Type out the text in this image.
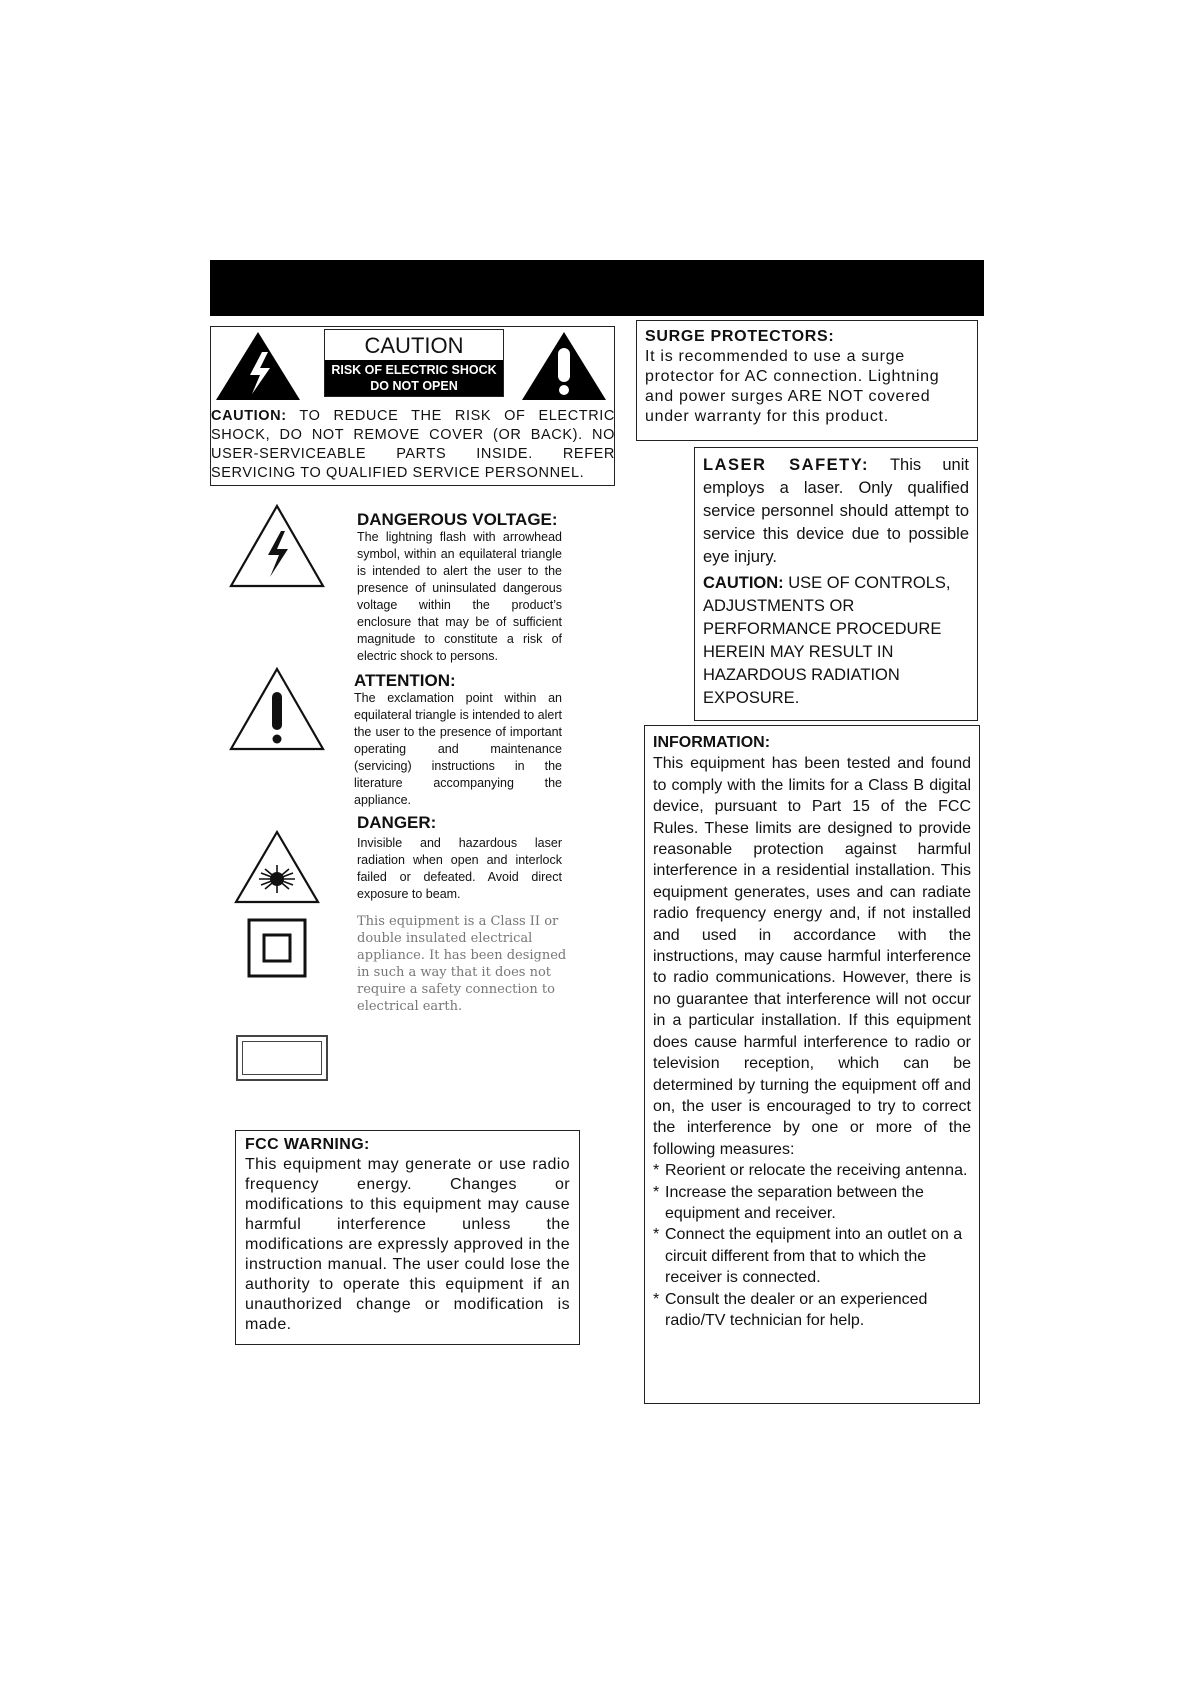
CAUTION
RISK OF ELECTRIC SHOCK
DO NOT OPEN
CAUTION: TO REDUCE THE RISK OF ELECTRIC SHOCK, DO NOT REMOVE COVER (OR BACK). NO USER-SERVICEABLE PARTS INSIDE. REFER SERVICING TO QUALIFIED SERVICE PERSONNEL.
DANGEROUS VOLTAGE:
The lightning flash with arrowhead symbol, within an equilateral triangle is intended to alert the user to the presence of uninsulated dangerous voltage within the product’s enclosure that may be of sufficient magnitude to constitute a risk of electric shock to persons.
ATTENTION:
The exclamation point within an equilateral triangle is intended to alert the user to the presence of important operating and maintenance (servicing) instructions in the literature accompanying the appliance.
DANGER:
Invisible and hazardous laser radiation when open and interlock failed or defeated. Avoid direct exposure to beam.
This equipment is a Class II or double insulated electrical appliance. It has been designed in such a way that it does not require a safety connection to electrical earth.
FCC WARNING:
This equipment may generate or use radio frequency energy. Changes or modifications to this equipment may cause harmful interference unless the modifications are expressly approved in the instruction manual. The user could lose the authority to operate this equipment if an unauthorized change or modification is made.
SURGE PROTECTORS:
It is recommended to use a surge protector for AC connection. Lightning and power surges ARE NOT covered under warranty for this product.
LASER SAFETY: This unit employs a laser. Only qualified service personnel should attempt to service this device due to possible eye injury.
CAUTION: USE OF CONTROLS, ADJUSTMENTS OR PERFORMANCE PROCEDURE HEREIN MAY RESULT IN HAZARDOUS RADIATION EXPOSURE.
INFORMATION:
This equipment has been tested and found to comply with the limits for a Class B digital device, pursuant to Part 15 of the FCC Rules. These limits are designed to provide reasonable protection against harmful interference in a residential installation. This equipment generates, uses and can radiate radio frequency energy and, if not installed and used in accordance with the instructions, may cause harmful interference to radio communications. However, there is no guarantee that interference will not occur in a particular installation. If this equipment does cause harmful interference to radio or television reception, which can be determined by turning the equipment off and on, the user is encouraged to try to correct the interference by one or more of the following measures:
* Reorient or relocate the receiving antenna.
* Increase the separation between the equipment and receiver.
* Connect the equipment into an outlet on a circuit different from that to which the receiver is connected.
* Consult the dealer or an experienced radio/TV technician for help.
